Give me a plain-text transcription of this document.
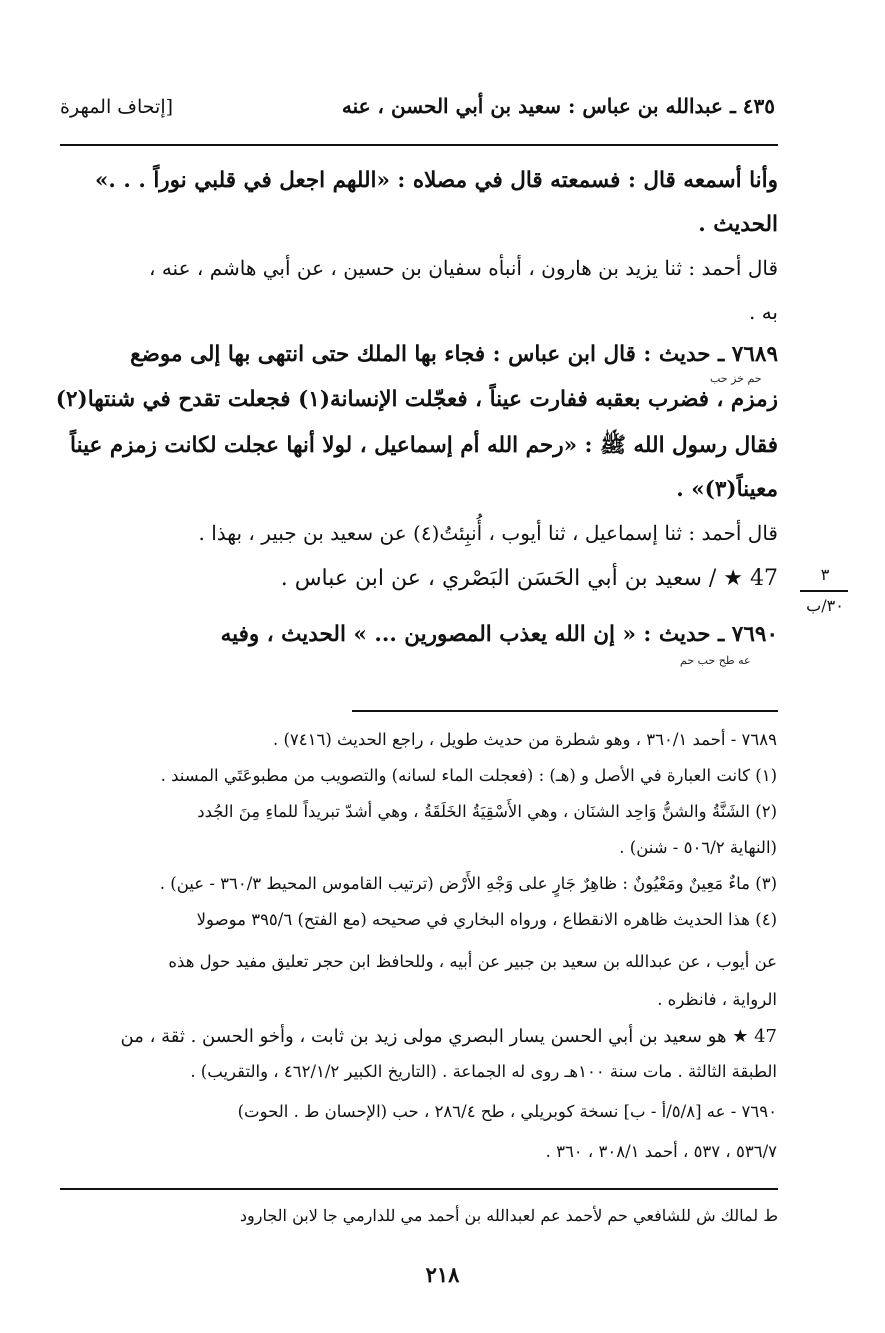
٤٣٥ ـ عبدالله بن عباس : سعيد بن أبي الحسن ، عنه
[إتحاف المهرة
وأنا أسمعه قال : فسمعته قال في مصلاه : «اللهم اجعل في قلبي نوراً . . .»
الحديث .
قال أحمد : ثنا يزيد بن هارون ، أنبأه سفيان بن حسين ، عن أبي هاشم ، عنه ،
به .
٧٦٨٩ ـ حديث : قال ابن عباس : فجاء بها الملك حتى انتهى بها إلى موضع
زمزم ، فضرب بعقبه ففارت عيناً ، فعجّلت الإنسانة(١) فجعلت تقدح في شنتها(٢)
فقال رسول الله ﷺ : «رحم الله أم إسماعيل ، لولا أنها عجلت لكانت زمزم عيناً
معيناً(٣)» .
قال أحمد : ثنا إسماعيل ، ثنا أيوب ، أُنبِئتُ(٤) عن سعيد بن جبير ، بهذا .
47 ★ / سعيد بن أبي الحَسَن البَصْري ، عن ابن عباس .
٧٦٩٠ ـ حديث : « إن الله يعذب المصورين ... » الحديث ، وفيه
حم خز حب
عه طح حب حم
٣
٣٠/ب
٧٦٨٩ - أحمد ٣٦٠/١ ، وهو شطرة من حديث طويل ، راجع الحديث (٧٤١٦) .
(١) كانت العبارة في الأصل و (هـ) : (فعجلت الماء لسانه) والتصويب من مطبوعَتَي المسند .
(٢) الشَنَّةُ والشنُّ وَاحِد الشنَان ، وهي الأَسْقِيَةُ الخَلَقَةُ ، وهي أشدّ تبريداً للماءِ مِنَ الجُدد
(النهاية ٥٠٦/٢ - شنن) .
(٣) ماءٌ مَعِينٌ ومَعْيُونٌ : ظاهِرٌ جَارٍ على وَجْهِ الأَرْض (ترتيب القاموس المحيط ٣٦٠/٣ - عين) .
(٤) هذا الحديث ظاهره الانقطاع ، ورواه البخاري في صحيحه (مع الفتح) ٣٩٥/٦ موصولا
عن أيوب ، عن عبدالله بن سعيد بن جبير عن أبيه ، وللحافظ ابن حجر تعليق مفيد حول هذه
الرواية ، فانظره .
47 ★ هو سعيد بن أبي الحسن يسار البصري مولى زيد بن ثابت ، وأخو الحسن . ثقة ، من
الطبقة الثالثة . مات سنة ١٠٠هـ روى له الجماعة . (التاريخ الكبير ٤٦٢/١/٢ ، والتقريب) .
٧٦٩٠ - عه [٥/٨/أ - ب] نسخة كوبريلي ، طح ٢٨٦/٤ ، حب (الإحسان ط . الحوت)
٥٣٦/٧ ، ٥٣٧ ، أحمد ٣٠٨/١ ، ٣٦٠ .
ط لمالك ش للشافعي حم لأحمد عم لعبدالله بن أحمد مي للدارمي جا لابن الجارود
٢١٨
